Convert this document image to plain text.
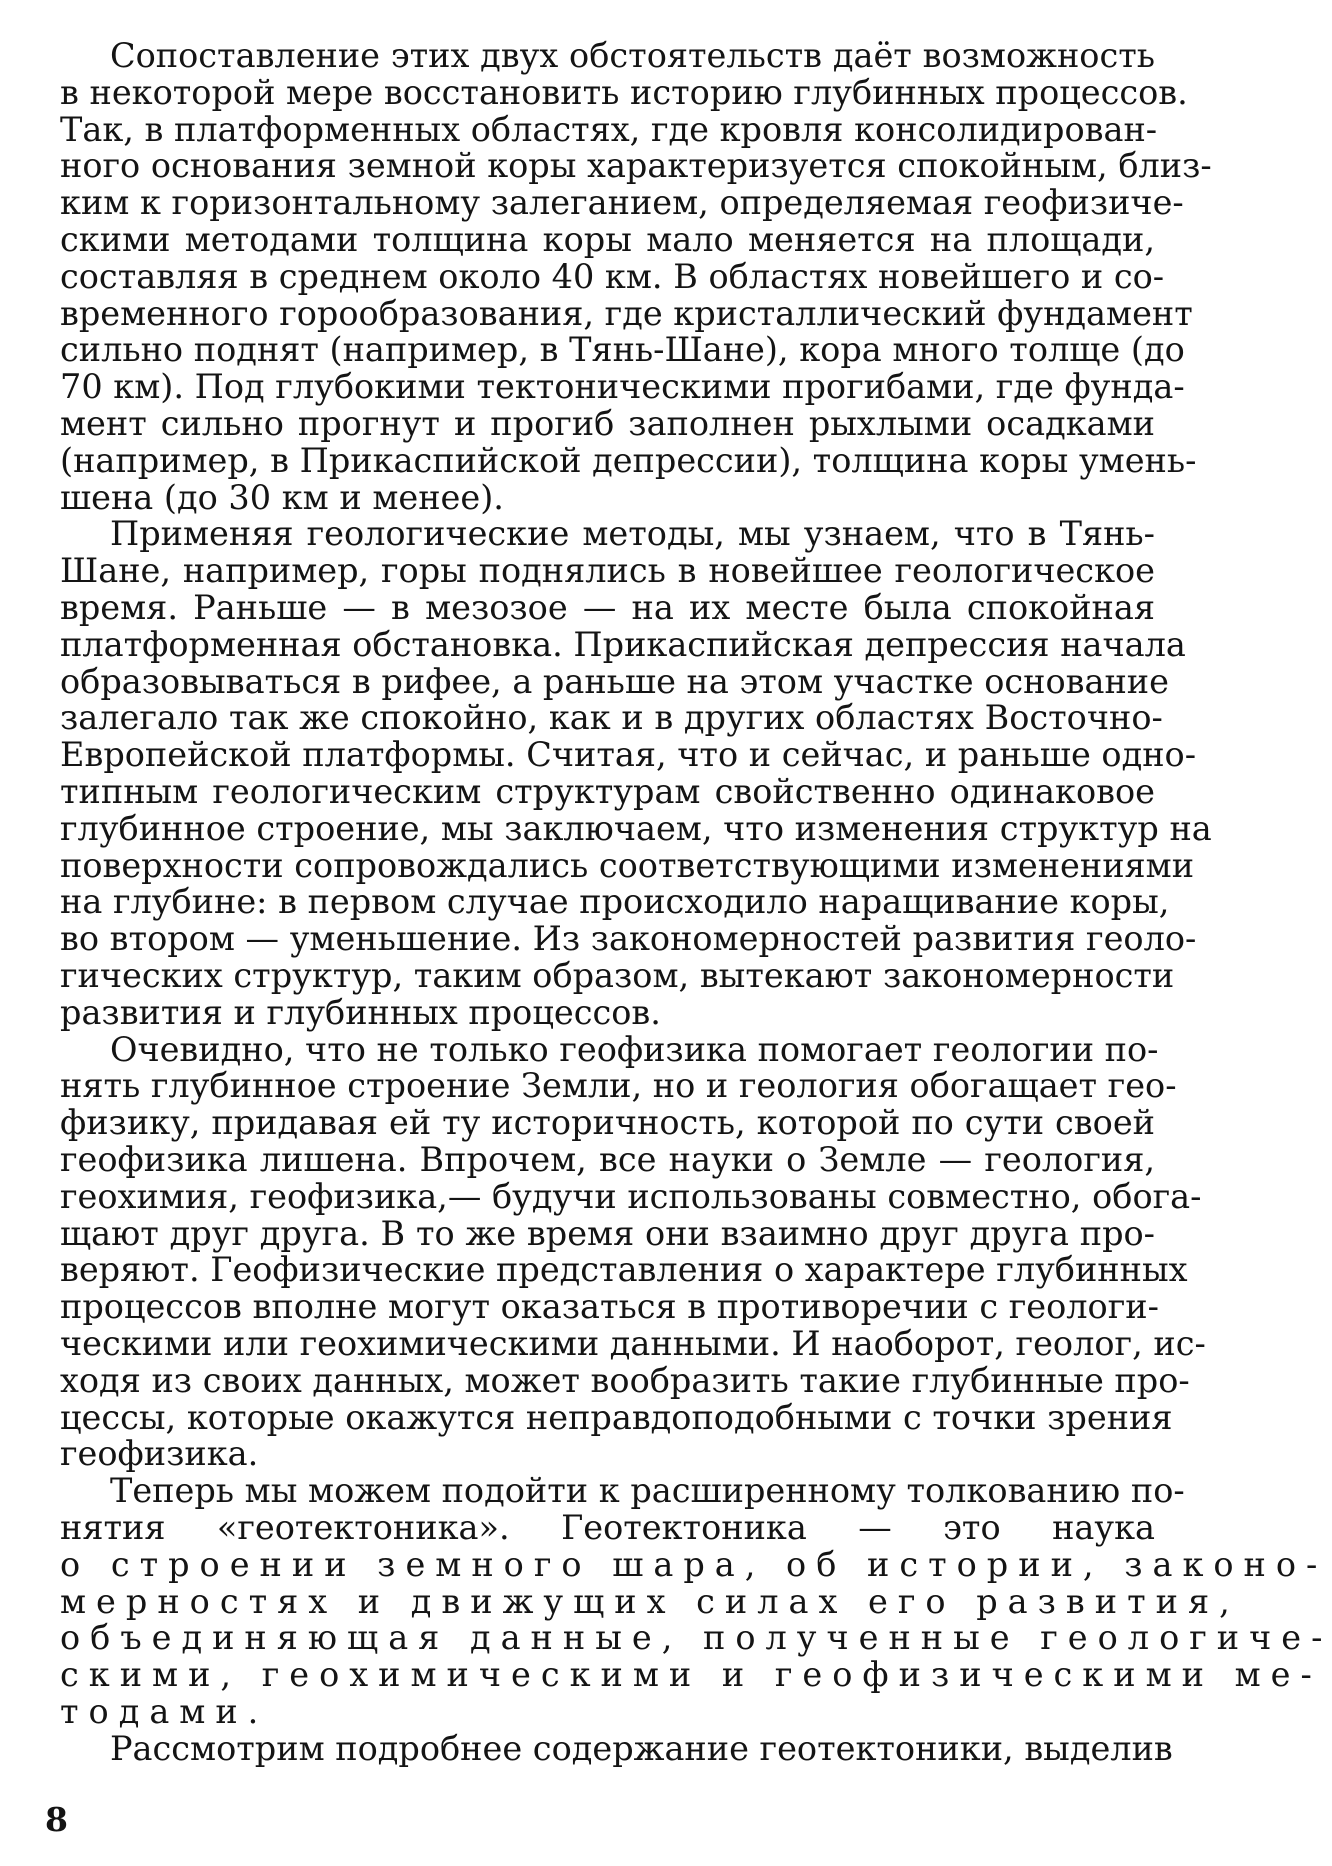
Сопоставление этих двух обстоятельств даёт возможность
в некоторой мере восстановить историю глубинных процессов.
Так, в платформенных областях, где кровля консолидирован-
ного основания земной коры характеризуется спокойным, близ-
ким к горизонтальному залеганием, определяемая геофизиче-
скими методами толщина коры мало меняется на площади,
составляя в среднем около 40 км. В областях новейшего и со-
временного горообразования, где кристаллический фундамент
сильно поднят (например, в Тянь-Шане), кора много толще (до
70 км). Под глубокими тектоническими прогибами, где фунда-
мент сильно прогнут и прогиб заполнен рыхлыми осадками
(например, в Прикаспийской депрессии), толщина коры умень-
шена (до 30 км и менее).
Применяя геологические методы, мы узнаем, что в Тянь-
Шане, например, горы поднялись в новейшее геологическое
время. Раньше — в мезозое — на их месте была спокойная
платформенная обстановка. Прикаспийская депрессия начала
образовываться в рифее, а раньше на этом участке основание
залегало так же спокойно, как и в других областях Восточно-
Европейской платформы. Считая, что и сейчас, и раньше одно-
типным геологическим структурам свойственно одинаковое
глубинное строение, мы заключаем, что изменения структур на
поверхности сопровождались соответствующими изменениями
на глубине: в первом случае происходило наращивание коры,
во втором — уменьшение. Из закономерностей развития геоло-
гических структур, таким образом, вытекают закономерности
развития и глубинных процессов.
Очевидно, что не только геофизика помогает геологии по-
нять глубинное строение Земли, но и геология обогащает гео-
физику, придавая ей ту историчность, которой по сути своей
геофизика лишена. Впрочем, все науки о Земле — геология,
геохимия, геофизика,— будучи использованы совместно, обога-
щают друг друга. В то же время они взаимно друг друга про-
веряют. Геофизические представления о характере глубинных
процессов вполне могут оказаться в противоречии с геологи-
ческими или геохимическими данными. И наоборот, геолог, ис-
ходя из своих данных, может вообразить такие глубинные про-
цессы, которые окажутся неправдоподобными с точки зрения
геофизика.
Теперь мы можем подойти к расширенному толкованию по-
нятия «геотектоника». Геотектоника — это наука
о строении земного шара, об истории, законо-
мерностях и движущих силах его развития,
объединяющая данные, полученные геологиче-
скими, геохимическими и геофизическими ме-
тодами.
Рассмотрим подробнее содержание геотектоники, выделив
8
